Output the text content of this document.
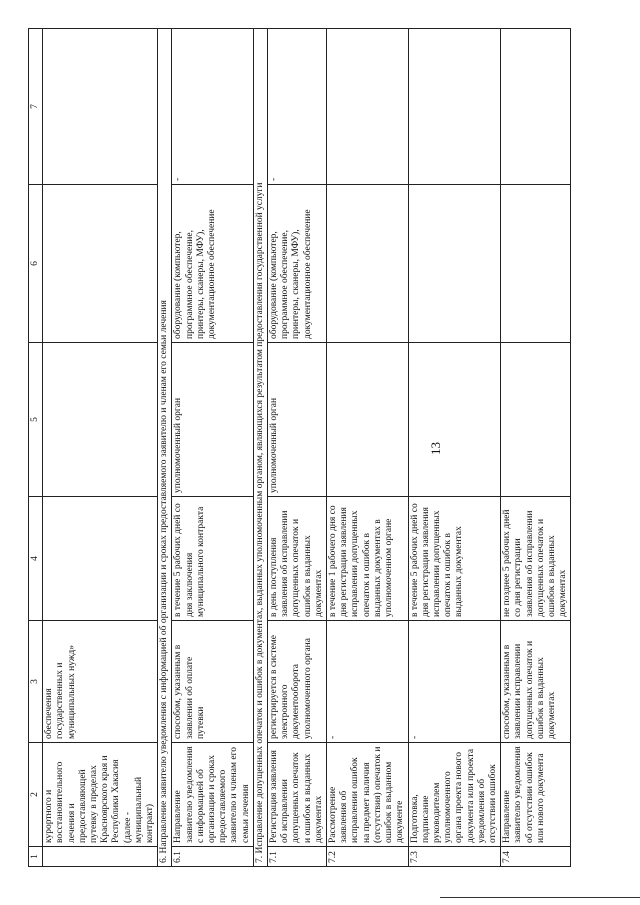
13
1	2	3	4	5	6	7
	курортного и восстановительного лечения и предоставляющей путевку в пределах Красноярского края и Республики Хакасия (далее - муниципальный контракт)	обеспечения государственных и муниципальных нужд»				
6. Направление заявителю уведомления с информацией об организации и сроках предоставляемого заявителю и членам его семьи лечения						
6.1	Направление заявителю уведомления с информацией об организации и сроках предоставляемого заявителю и членам его семьи лечения	способом, указанным в заявлении об оплате путевки	в течение 5 рабочих дней со дня заключения муниципального контракта	уполномоченный орган	оборудование (компьютер, программное обеспечение, принтеры, сканеры, МФУ), документационное обеспечение	-
7. Исправление допущенных опечаток и ошибок в документах, выданных уполномоченным органом, являющихся результатом предоставления государственной услуги						
7.1	Регистрация заявления об исправлении допущенных опечаток и ошибок в выданных документах	регистрируется в системе электронного документооборота уполномоченного органа	в день поступления заявления об исправлении допущенных опечаток и ошибок в выданных документах	уполномоченный орган	оборудование (компьютер, программное обеспечение, принтеры, сканеры, МФУ), документационное обеспечение	-
7.2	Рассмотрение заявления об исправлении ошибок на предмет наличия (отсутствия) опечаток и ошибок в выданном документе	-	в течение 1 рабочего дня со дня регистрации заявления исправлении допущенных опечаток и ошибок в выданных документах в уполномоченном органе			
7.3	Подготовка, подписание руководителем уполномоченного органа проекта нового документа или проекта уведомления об отсутствии ошибок	-	в течение 5 рабочих дней со дня регистрации заявления исправлении допущенных опечаток и ошибок в выданных документах			
7.4	Направление заявителю уведомления об отсутствии ошибок или нового документа	способом, указанным в заявлении исправлении допущенных опечаток и ошибок в выданных документах	не позднее 5 рабочих дней со дня регистрации заявления об исправлении допущенных опечаток и ошибок в выданных документах			
